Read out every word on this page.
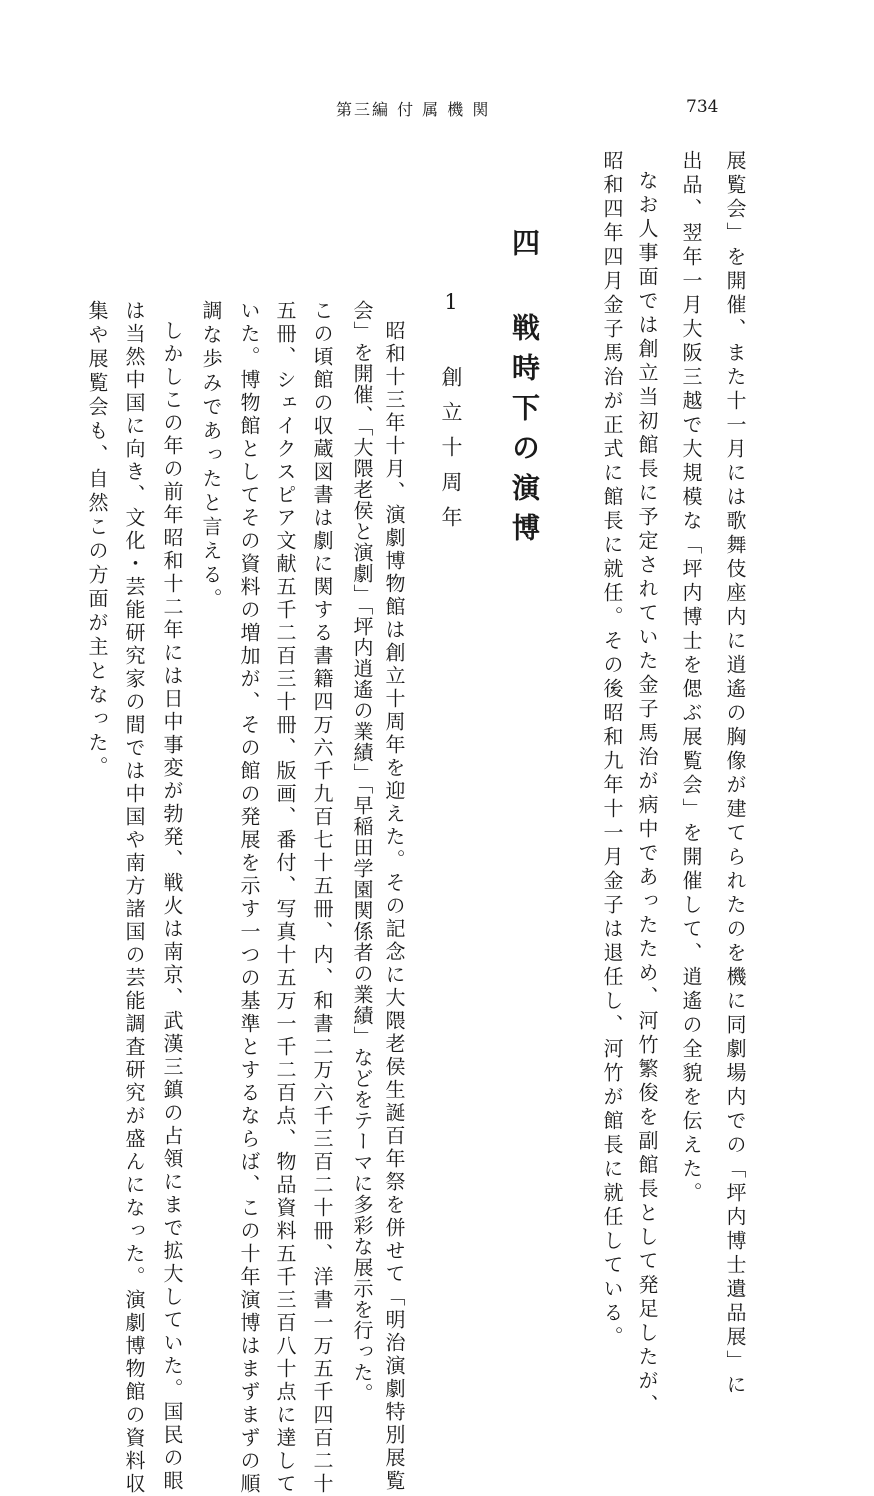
第三編 付 属 機 関	734
展覧会」を開催、また十一月には歌舞伎座内に逍遙の胸像が建てられたのを機に同劇場内での「坪内博士遺品展」に
出品、翌年一月大阪三越で大規模な「坪内博士を偲ぶ展覧会」を開催して、逍遙の全貌を伝えた。
なお人事面では創立当初館長に予定されていた金子馬治が病中であったため、河竹繁俊を副館長として発足したが、
昭和四年四月金子馬治が正式に館長に就任。その後昭和九年十一月金子は退任し、河竹が館長に就任している。
四 戦時下の演博
1 創立十周年
昭和十三年十月、演劇博物館は創立十周年を迎えた。その記念に大隈老侯生誕百年祭を併せて「明治演劇特別展覧
会」を開催、「大隈老侯と演劇」「坪内逍遙の業績」「早稲田学園関係者の業績」などをテーマに多彩な展示を行った。
この頃館の収蔵図書は劇に関する書籍四万六千九百七十五冊、内、和書二万六千三百二十冊、洋書一万五千四百二十
五冊、シェイクスピア文献五千二百三十冊、版画、番付、写真十五万一千二百点、物品資料五千三百八十点に達して
いた。博物館としてその資料の増加が、その館の発展を示す一つの基準とするならば、この十年演博はまずまずの順
調な歩みであったと言える。
しかしこの年の前年昭和十二年には日中事変が勃発、戦火は南京、武漢三鎮の占領にまで拡大していた。国民の眼
は当然中国に向き、文化・芸能研究家の間では中国や南方諸国の芸能調査研究が盛んになった。演劇博物館の資料収
集や展覧会も、自然この方面が主となった。
